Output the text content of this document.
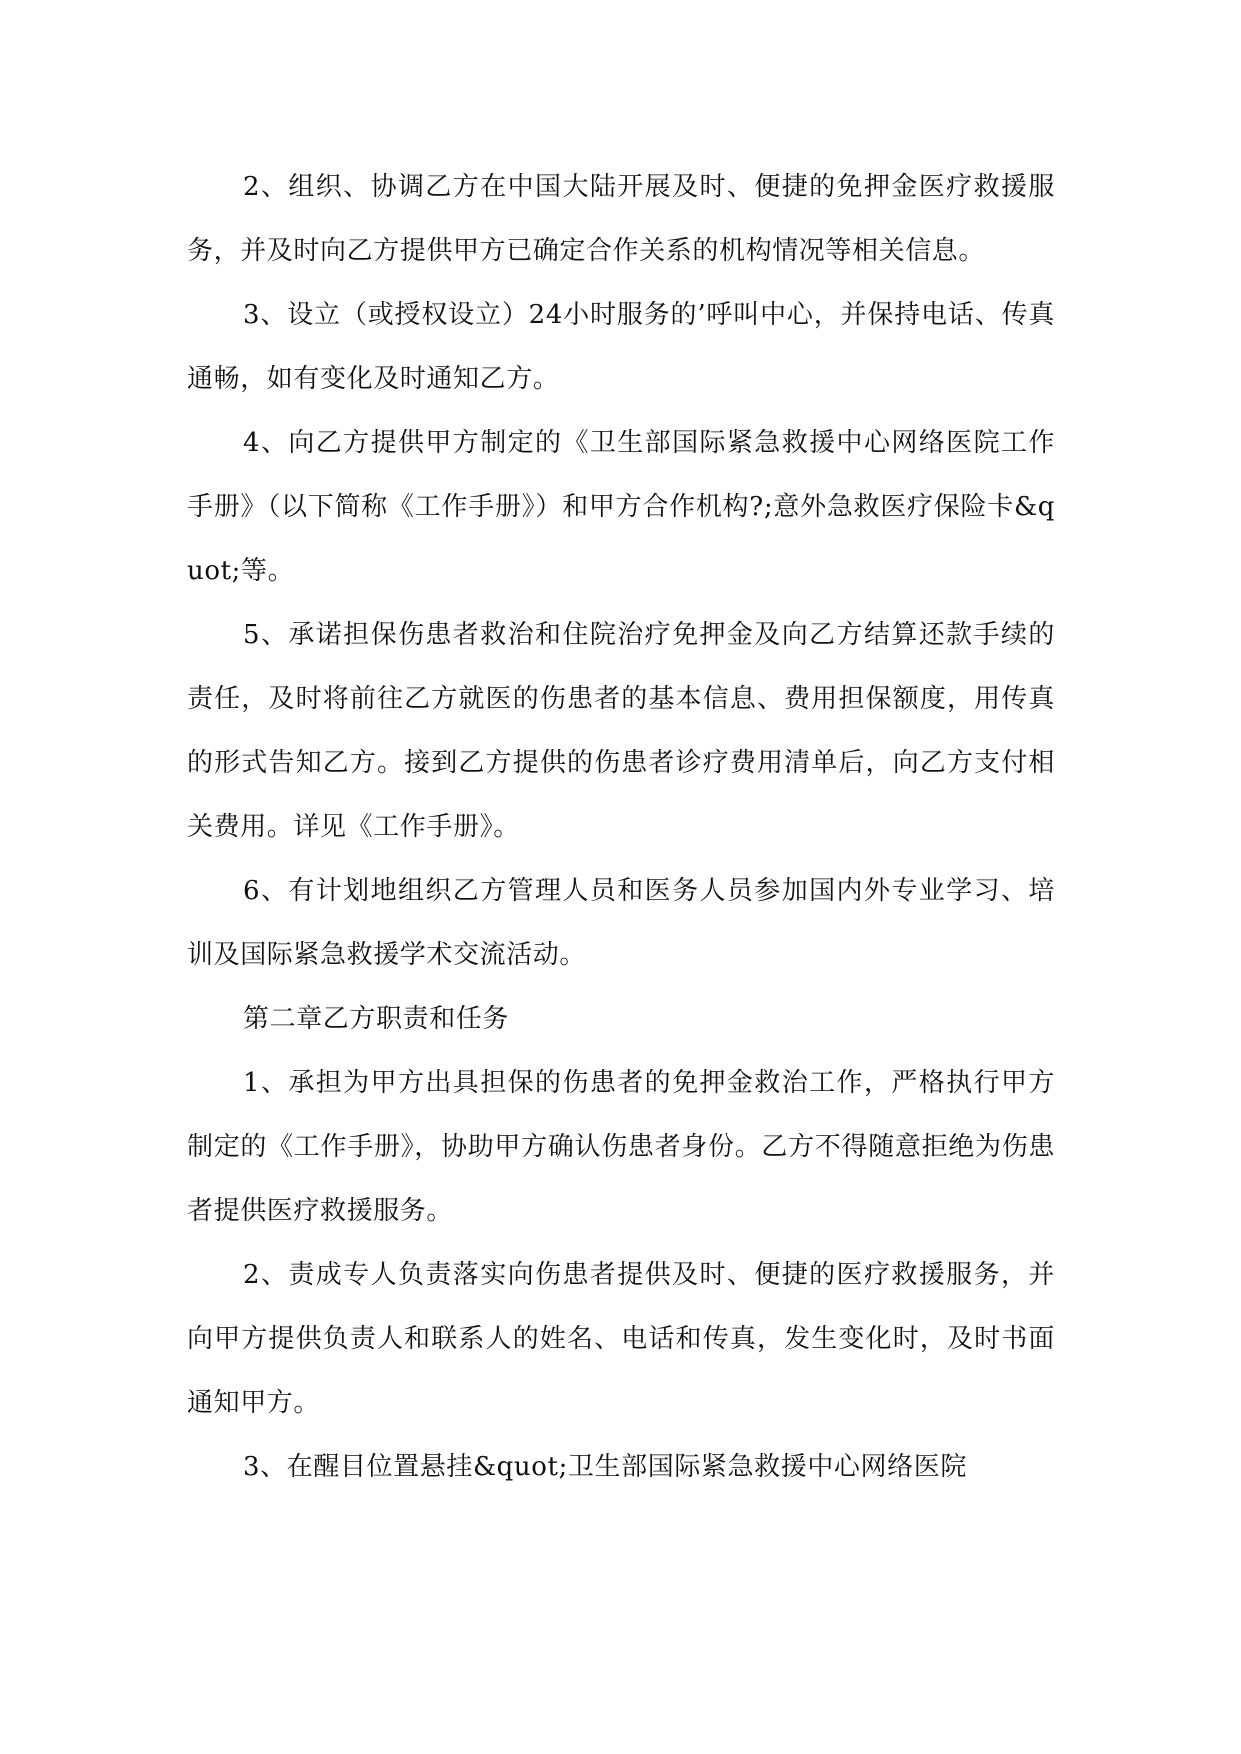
2、组织、协调乙方在中国大陆开展及时、便捷的免押金医疗救援服务，并及时向乙方提供甲方已确定合作关系的机构情况等相关信息。

3、设立（或授权设立）24小时服务的’呼叫中心，并保持电话、传真通畅，如有变化及时通知乙方。

4、向乙方提供甲方制定的《卫生部国际紧急救援中心网络医院工作手册》（以下简称《工作手册》）和甲方合作机构?;意外急救医疗保险卡&quot;等。

5、承诺担保伤患者救治和住院治疗免押金及向乙方结算还款手续的责任，及时将前往乙方就医的伤患者的基本信息、费用担保额度，用传真的形式告知乙方。接到乙方提供的伤患者诊疗费用清单后，向乙方支付相关费用。详见《工作手册》。

6、有计划地组织乙方管理人员和医务人员参加国内外专业学习、培训及国际紧急救援学术交流活动。

第二章乙方职责和任务

1、承担为甲方出具担保的伤患者的免押金救治工作，严格执行甲方制定的《工作手册》，协助甲方确认伤患者身份。乙方不得随意拒绝为伤患者提供医疗救援服务。

2、责成专人负责落实向伤患者提供及时、便捷的医疗救援服务，并向甲方提供负责人和联系人的姓名、电话和传真，发生变化时，及时书面通知甲方。

3、在醒目位置悬挂&quot;卫生部国际紧急救援中心网络医院
